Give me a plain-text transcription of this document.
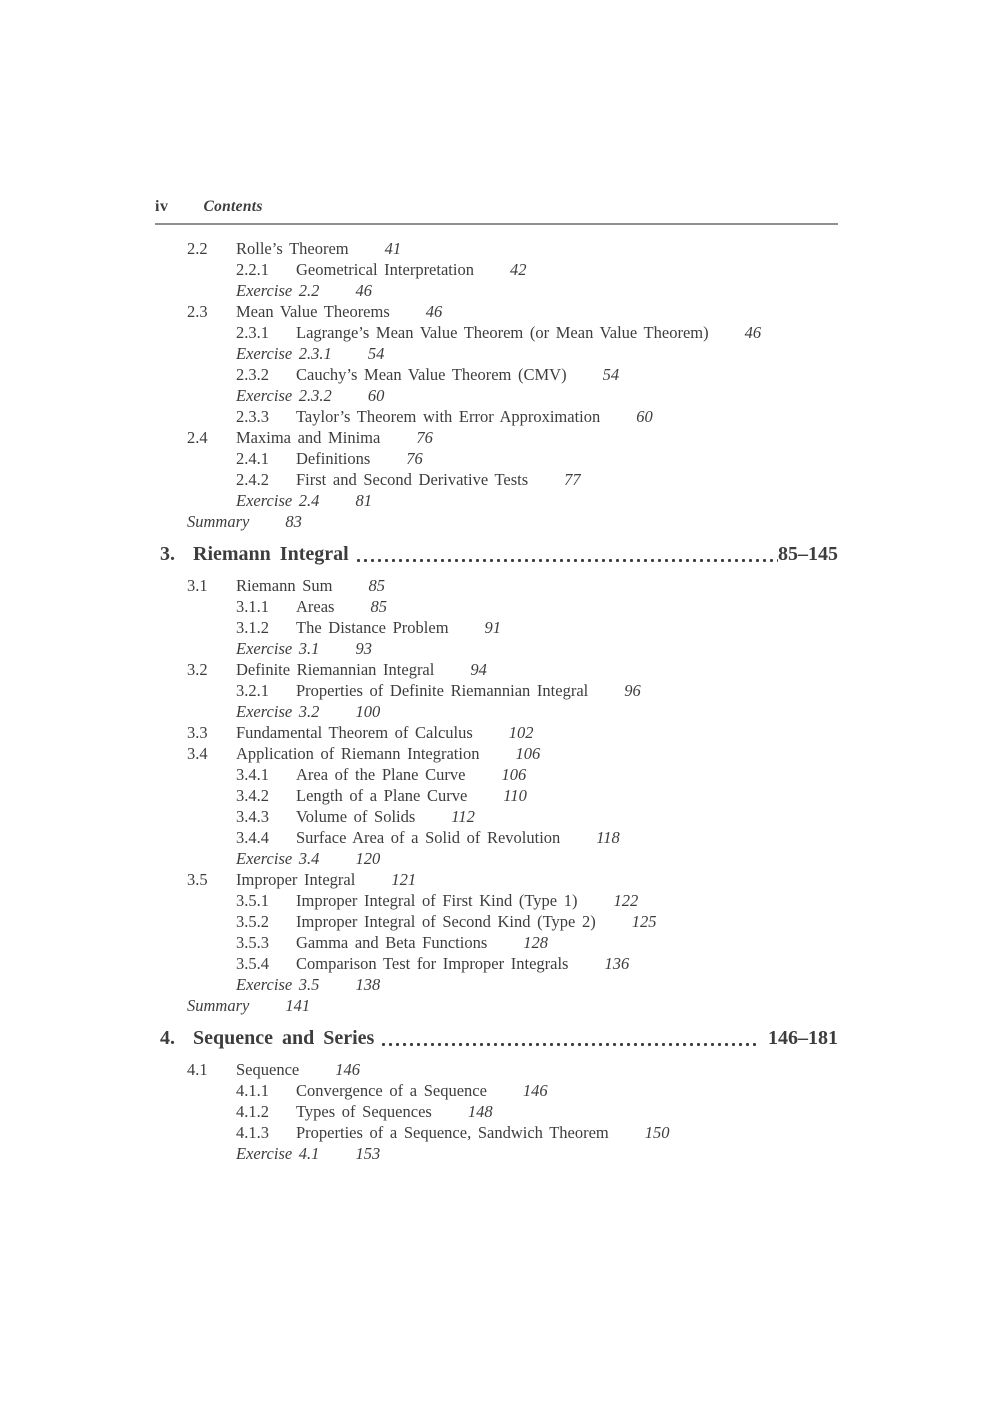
iv Contents
2.2 Rolle’s Theorem 41
2.2.1 Geometrical Interpretation 42
Exercise 2.2 46
2.3 Mean Value Theorems 46
2.3.1 Lagrange’s Mean Value Theorem (or Mean Value Theorem) 46
Exercise 2.3.1 54
2.3.2 Cauchy’s Mean Value Theorem (CMV) 54
Exercise 2.3.2 60
2.3.3 Taylor’s Theorem with Error Approximation 60
2.4 Maxima and Minima 76
2.4.1 Definitions 76
2.4.2 First and Second Derivative Tests 77
Exercise 2.4 81
Summary 83
3. Riemann Integral	85–145
3.1 Riemann Sum 85
3.1.1 Areas 85
3.1.2 The Distance Problem 91
Exercise 3.1 93
3.2 Definite Riemannian Integral 94
3.2.1 Properties of Definite Riemannian Integral 96
Exercise 3.2 100
3.3 Fundamental Theorem of Calculus 102
3.4 Application of Riemann Integration 106
3.4.1 Area of the Plane Curve 106
3.4.2 Length of a Plane Curve 110
3.4.3 Volume of Solids 112
3.4.4 Surface Area of a Solid of Revolution 118
Exercise 3.4 120
3.5 Improper Integral 121
3.5.1 Improper Integral of First Kind (Type 1) 122
3.5.2 Improper Integral of Second Kind (Type 2) 125
3.5.3 Gamma and Beta Functions 128
3.5.4 Comparison Test for Improper Integrals 136
Exercise 3.5 138
Summary 141
4. Sequence and Series	146–181
4.1 Sequence 146
4.1.1 Convergence of a Sequence 146
4.1.2 Types of Sequences 148
4.1.3 Properties of a Sequence, Sandwich Theorem 150
Exercise 4.1 153
